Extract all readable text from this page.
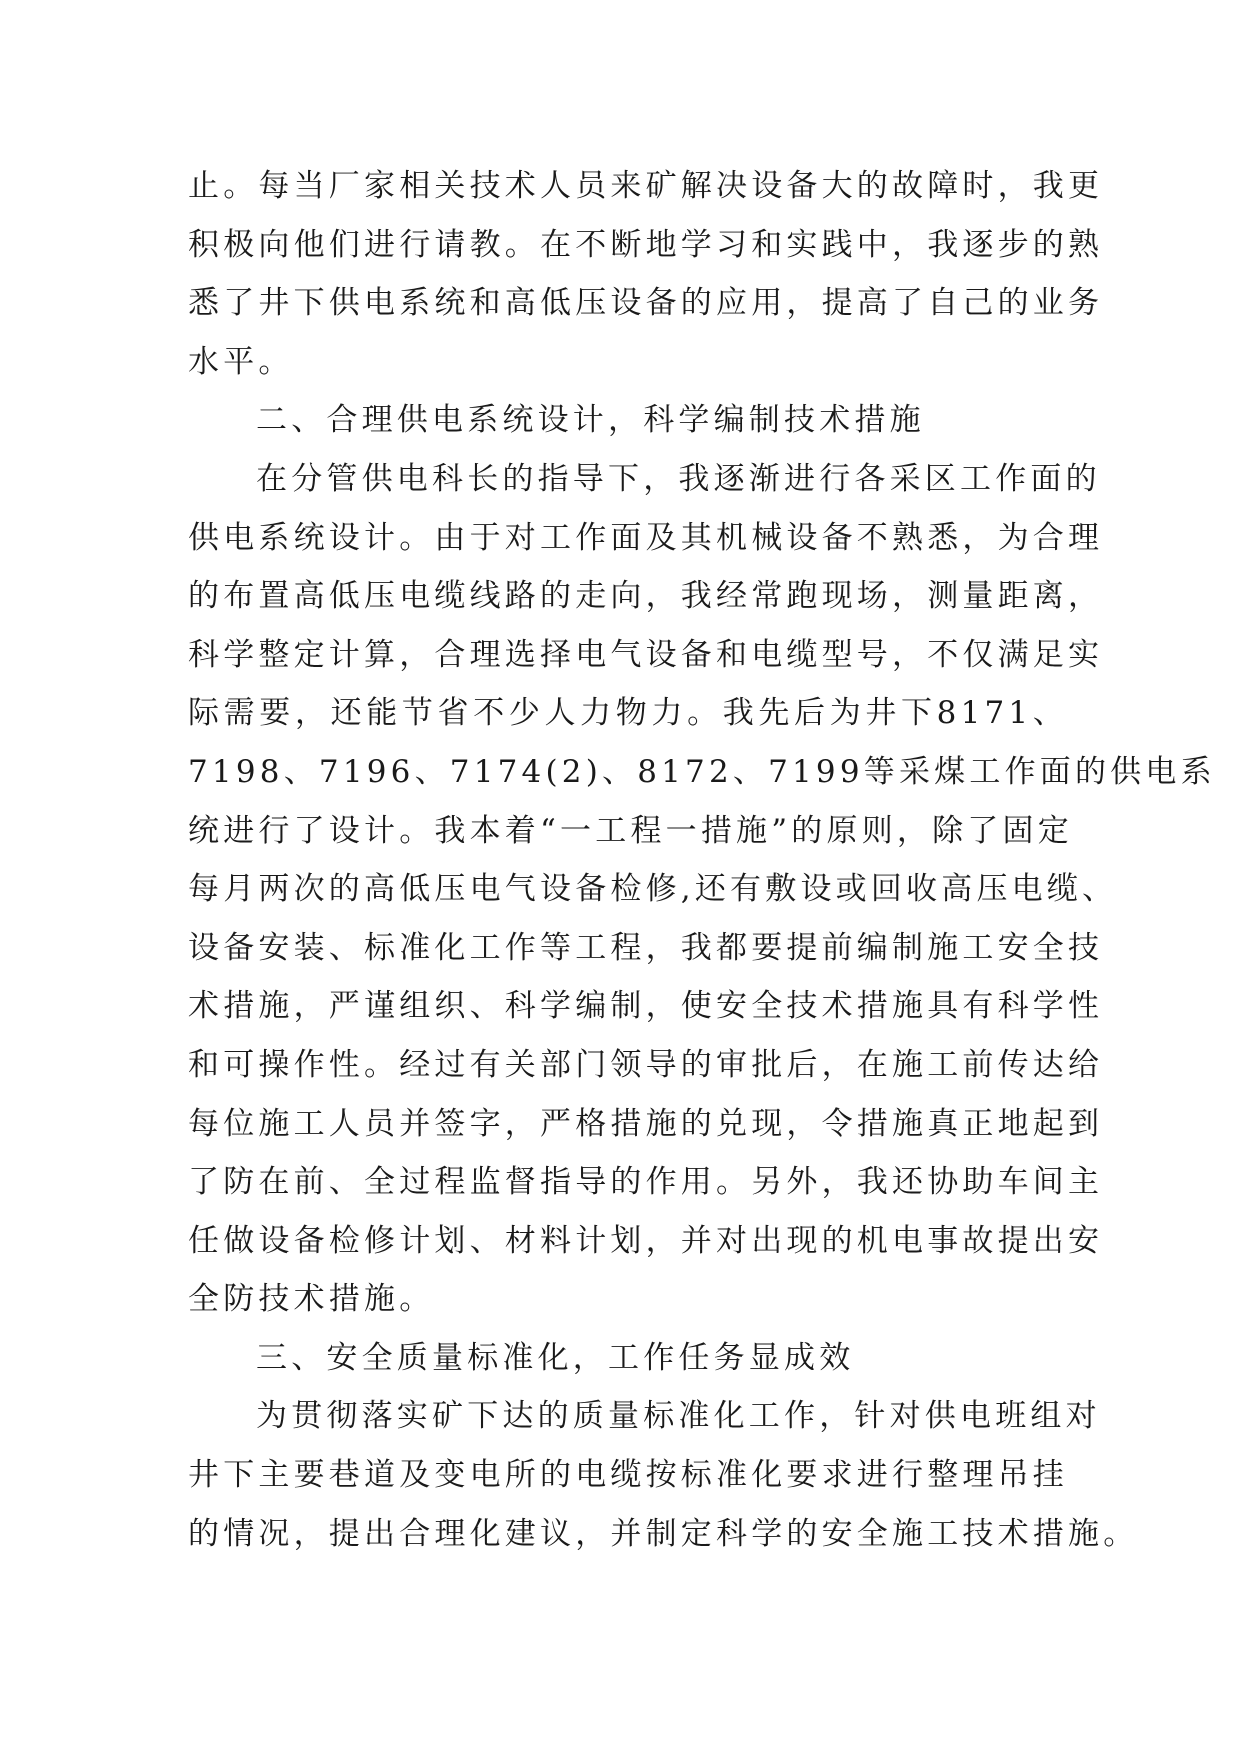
止。每当厂家相关技术人员来矿解决设备大的故障时，我更
积极向他们进行请教。在不断地学习和实践中，我逐步的熟
悉了井下供电系统和高低压设备的应用，提高了自己的业务
水平。
二、合理供电系统设计，科学编制技术措施
在分管供电科长的指导下，我逐渐进行各采区工作面的
供电系统设计。由于对工作面及其机械设备不熟悉，为合理
的布置高低压电缆线路的走向，我经常跑现场，测量距离，
科学整定计算，合理选择电气设备和电缆型号，不仅满足实
际需要，还能节省不少人力物力。我先后为井下8171、
7198、7196、7174(2)、8172、7199等采煤工作面的供电系
统进行了设计。我本着“一工程一措施”的原则，除了固定
每月两次的高低压电气设备检修,还有敷设或回收高压电缆、
设备安装、标准化工作等工程，我都要提前编制施工安全技
术措施，严谨组织、科学编制，使安全技术措施具有科学性
和可操作性。经过有关部门领导的审批后，在施工前传达给
每位施工人员并签字，严格措施的兑现，令措施真正地起到
了防在前、全过程监督指导的作用。另外，我还协助车间主
任做设备检修计划、材料计划，并对出现的机电事故提出安
全防技术措施。
三、安全质量标准化，工作任务显成效
为贯彻落实矿下达的质量标准化工作，针对供电班组对
井下主要巷道及变电所的电缆按标准化要求进行整理吊挂
的情况，提出合理化建议，并制定科学的安全施工技术措施。
